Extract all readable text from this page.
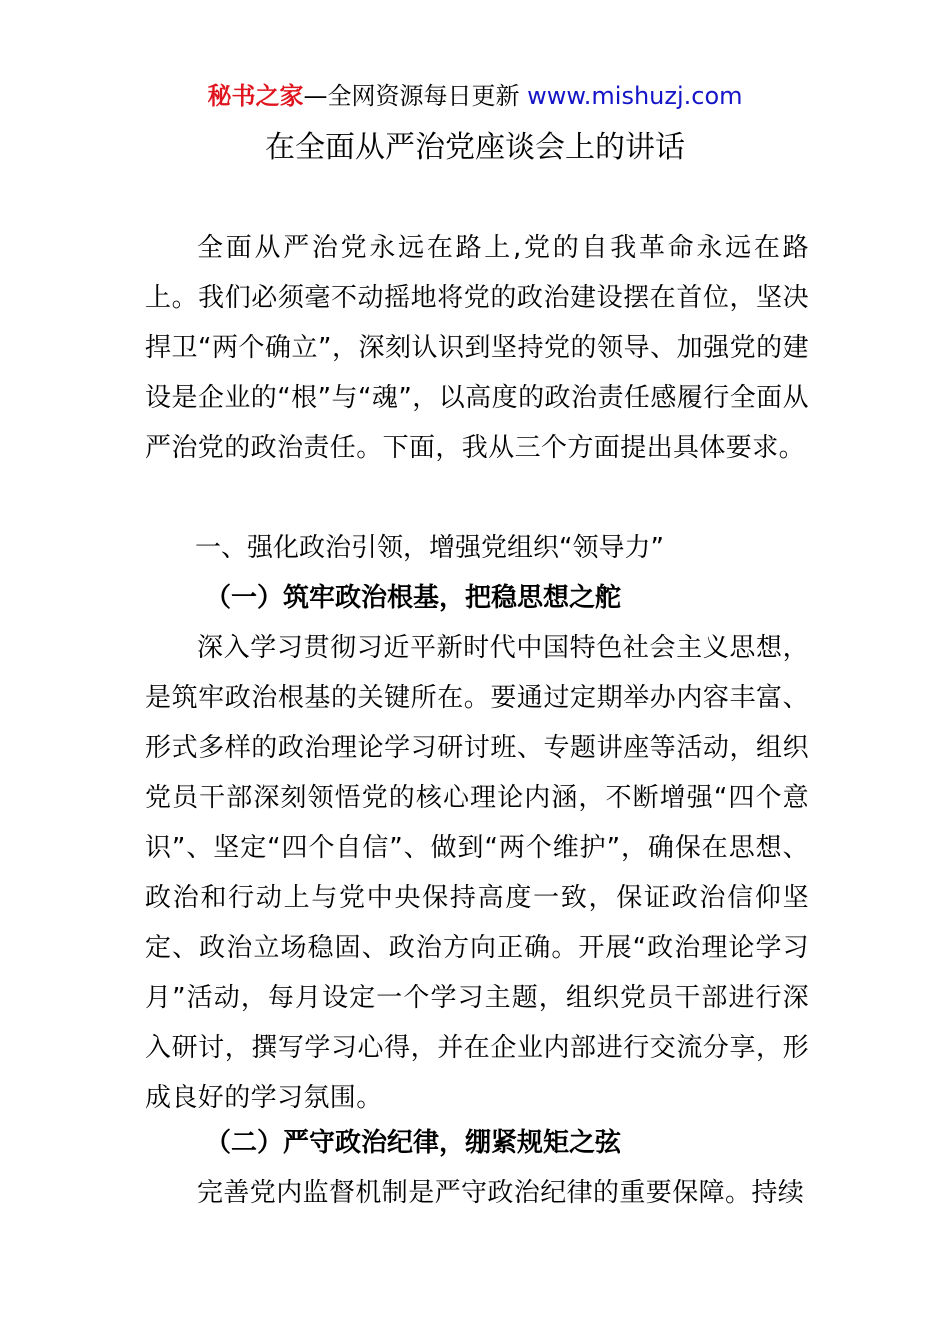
秘书之家—全网资源每日更新 www.mishuzj.com
在全面从严治党座谈会上的讲话

全面从严治党永远在路上,党的自我革命永远在路上。我们必须毫不动摇地将党的政治建设摆在首位，坚决捍卫“两个确立”，深刻认识到坚持党的领导、加强党的建设是企业的“根”与“魂”，以高度的政治责任感履行全面从严治党的政治责任。下面，我从三个方面提出具体要求。

一、强化政治引领，增强党组织“领导力”

（一）筑牢政治根基，把稳思想之舵

深入学习贯彻习近平新时代中国特色社会主义思想，是筑牢政治根基的关键所在。要通过定期举办内容丰富、形式多样的政治理论学习研讨班、专题讲座等活动，组织党员干部深刻领悟党的核心理论内涵，不断增强“四个意识”、坚定“四个自信”、做到“两个维护”，确保在思想、政治和行动上与党中央保持高度一致，保证政治信仰坚定、政治立场稳固、政治方向正确。开展“政治理论学习月”活动，每月设定一个学习主题，组织党员干部进行深入研讨，撰写学习心得，并在企业内部进行交流分享，形成良好的学习氛围。

（二）严守政治纪律，绷紧规矩之弦

完善党内监督机制是严守政治纪律的重要保障。持续
